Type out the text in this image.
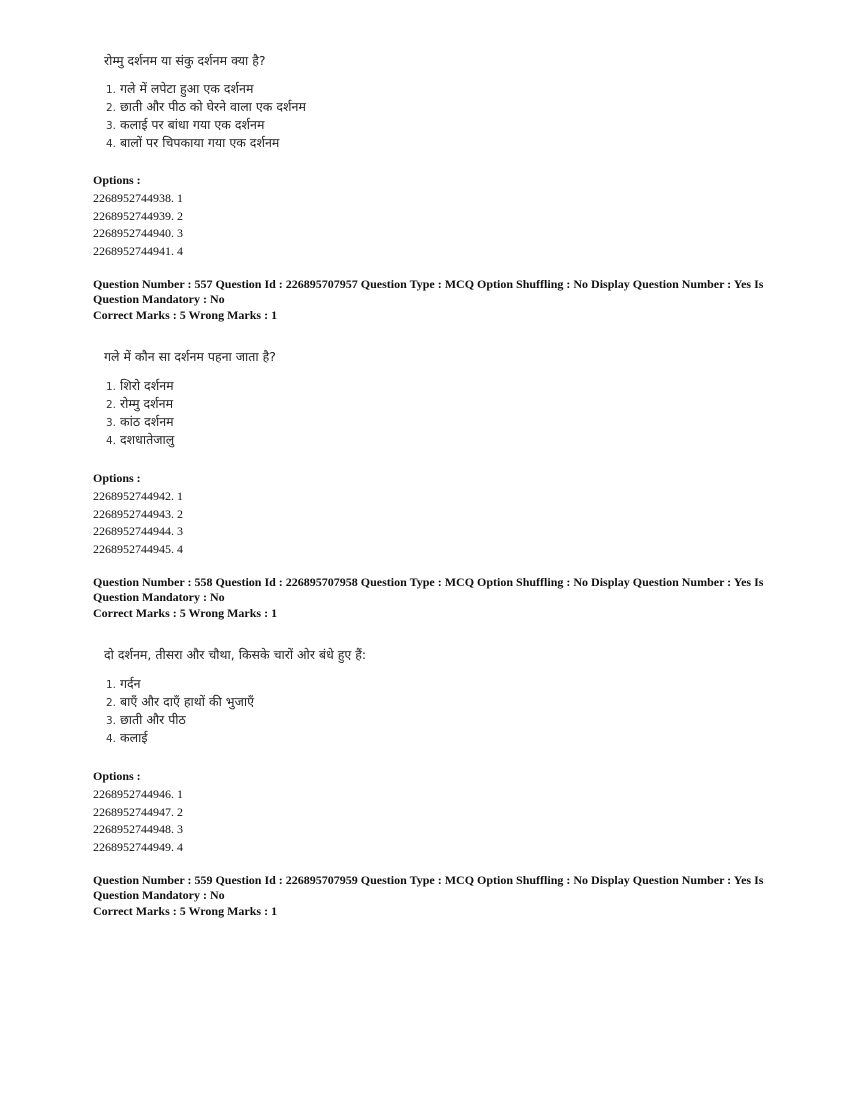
रोम्मु दर्शनम या संकु दर्शनम क्या है?
1. गले में लपेटा हुआ एक दर्शनम
2. छाती और पीठ को घेरने वाला एक दर्शनम
3. कलाई पर बांधा गया एक दर्शनम
4. बालों पर चिपकाया गया एक दर्शनम
Options :
2268952744938. 1
2268952744939. 2
2268952744940. 3
2268952744941. 4
Question Number : 557 Question Id : 226895707957 Question Type : MCQ Option Shuffling : No Display Question Number : Yes Is Question Mandatory : No
Correct Marks : 5 Wrong Marks : 1
गले में कौन सा दर्शनम पहना जाता है?
1. शिरो दर्शनम
2. रोम्मु दर्शनम
3. कांठ दर्शनम
4. दशधातेजालु
Options :
2268952744942. 1
2268952744943. 2
2268952744944. 3
2268952744945. 4
Question Number : 558 Question Id : 226895707958 Question Type : MCQ Option Shuffling : No Display Question Number : Yes Is Question Mandatory : No
Correct Marks : 5 Wrong Marks : 1
दो दर्शनम, तीसरा और चौथा, किसके चारों ओर बंधे हुए हैं:
1. गर्दन
2. बाएँ और दाएँ हाथों की भुजाएँ
3. छाती और पीठ
4. कलाई
Options :
2268952744946. 1
2268952744947. 2
2268952744948. 3
2268952744949. 4
Question Number : 559 Question Id : 226895707959 Question Type : MCQ Option Shuffling : No Display Question Number : Yes Is Question Mandatory : No
Correct Marks : 5 Wrong Marks : 1
